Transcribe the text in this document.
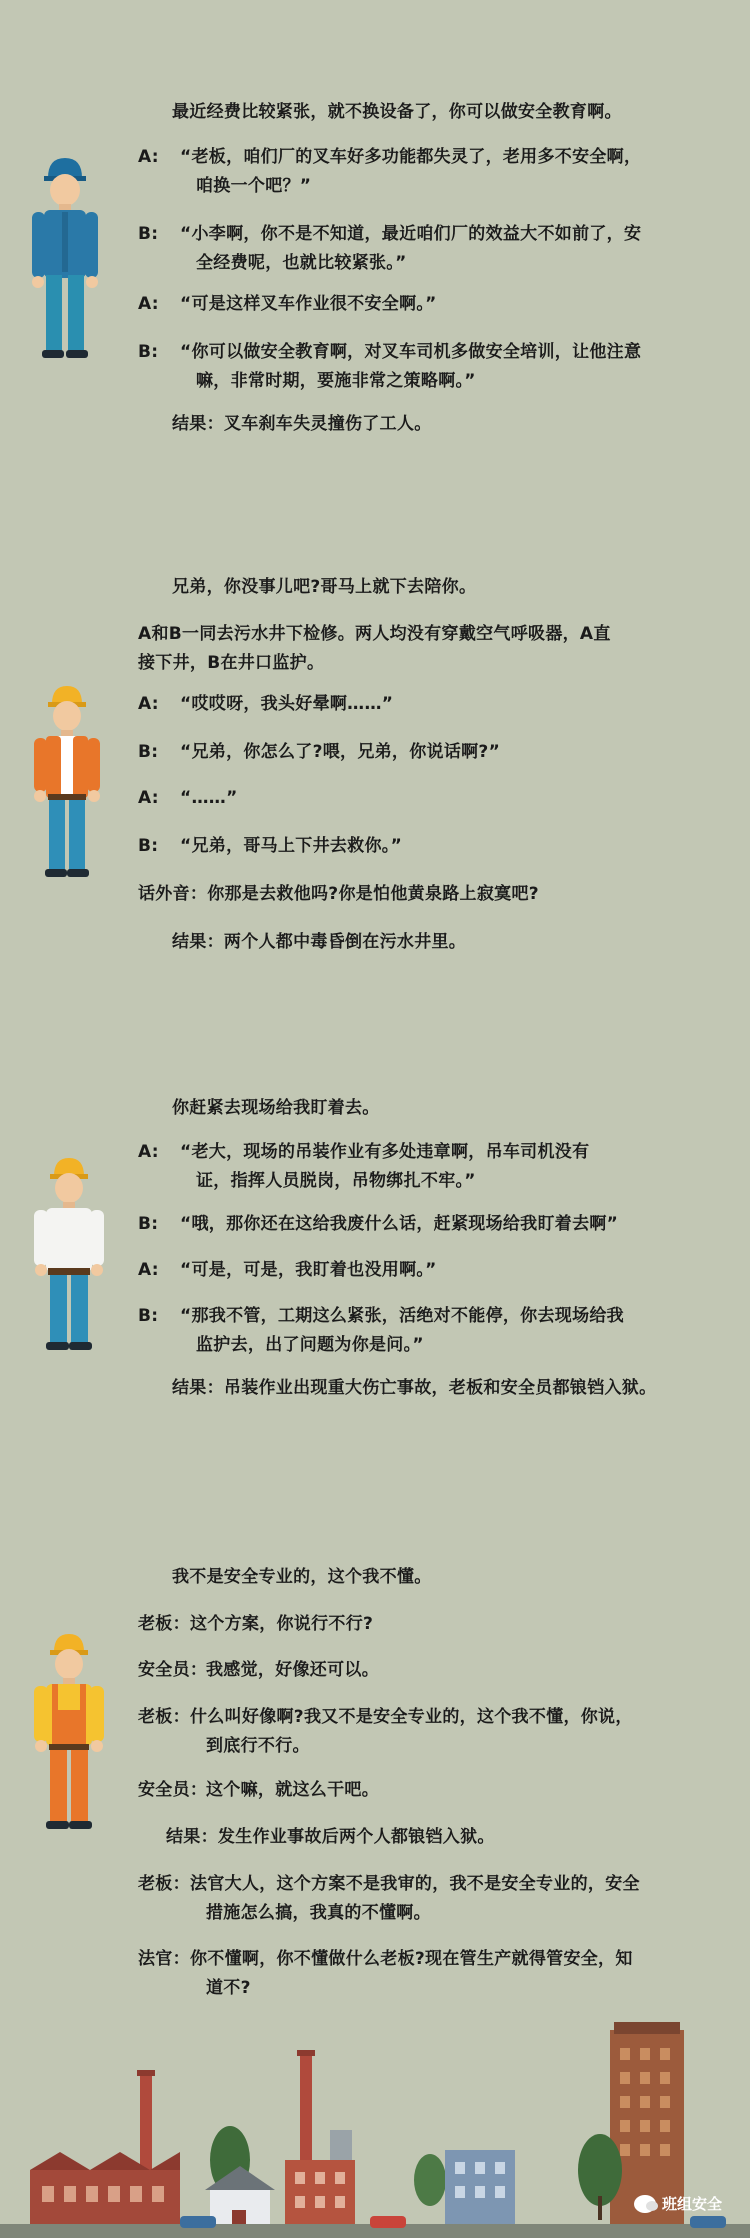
最近经费比较紧张，就不换设备了，你可以做安全教育啊。
A:	“老板，咱们厂的叉车好多功能都失灵了，老用多不安全啊，
咱换一个吧？”
B:	“小李啊，你不是不知道，最近咱们厂的效益大不如前了，安
全经费呢，也就比较紧张。”
A:	“可是这样叉车作业很不安全啊。”
B:	“你可以做安全教育啊，对叉车司机多做安全培训，让他注意
嘛，非常时期，要施非常之策略啊。”
结果：叉车刹车失灵撞伤了工人。
兄弟，你没事儿吧?哥马上就下去陪你。
A和B一同去污水井下检修。两人均没有穿戴空气呼吸器，A直
接下井，B在井口监护。
A:	“哎哎呀，我头好晕啊……”
B:	“兄弟，你怎么了?喂，兄弟，你说话啊?”
A:	“……”
B:	“兄弟，哥马上下井去救你。”
话外音：你那是去救他吗?你是怕他黄泉路上寂寞吧?
结果：两个人都中毒昏倒在污水井里。
你赶紧去现场给我盯着去。
A:	“老大，现场的吊装作业有多处违章啊，吊车司机没有
证，指挥人员脱岗，吊物绑扎不牢。”
B:	“哦，那你还在这给我废什么话，赶紧现场给我盯着去啊”
A:	“可是，可是，我盯着也没用啊。”
B:	“那我不管，工期这么紧张，活绝对不能停，你去现场给我
监护去，出了问题为你是问。”
结果：吊装作业出现重大伤亡事故，老板和安全员都锒铛入狱。
我不是安全专业的，这个我不懂。
老板： 这个方案，你说行不行?
安全员：
我感觉，好像还可以。
老板： 什么叫好像啊?我又不是安全专业的，这个我不懂，你说，
到底行不行。
安全员：
这个嘛，就这么干吧。
结果：发生作业事故后两个人都锒铛入狱。
老板： 法官大人，这个方案不是我审的，我不是安全专业的，安全
措施怎么搞，我真的不懂啊。
法官： 你不懂啊，你不懂做什么老板?现在管生产就得管安全，知
道不?
班组安全
